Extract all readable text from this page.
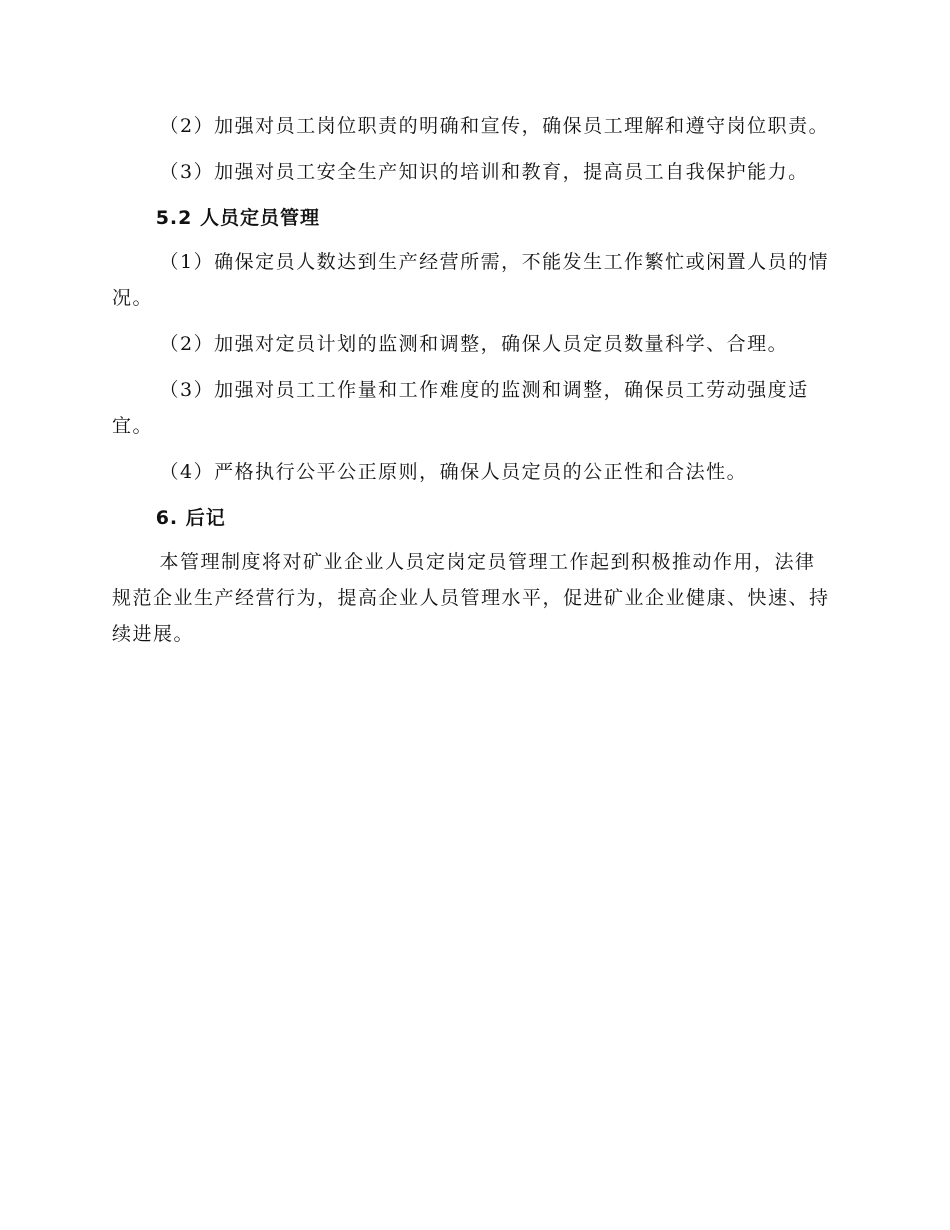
（2）加强对员工岗位职责的明确和宣传，确保员工理解和遵守岗位职责。

（3）加强对员工安全生产知识的培训和教育，提高员工自我保护能力。

5.2 人员定员管理

（1）确保定员人数达到生产经营所需，不能发生工作繁忙或闲置人员的情况。

（2）加强对定员计划的监测和调整，确保人员定员数量科学、合理。

（3）加强对员工工作量和工作难度的监测和调整，确保员工劳动强度适宜。

（4）严格执行公平公正原则，确保人员定员的公正性和合法性。

6. 后记

本管理制度将对矿业企业人员定岗定员管理工作起到积极推动作用，法律规范企业生产经营行为，提高企业人员管理水平，促进矿业企业健康、快速、持续进展。
